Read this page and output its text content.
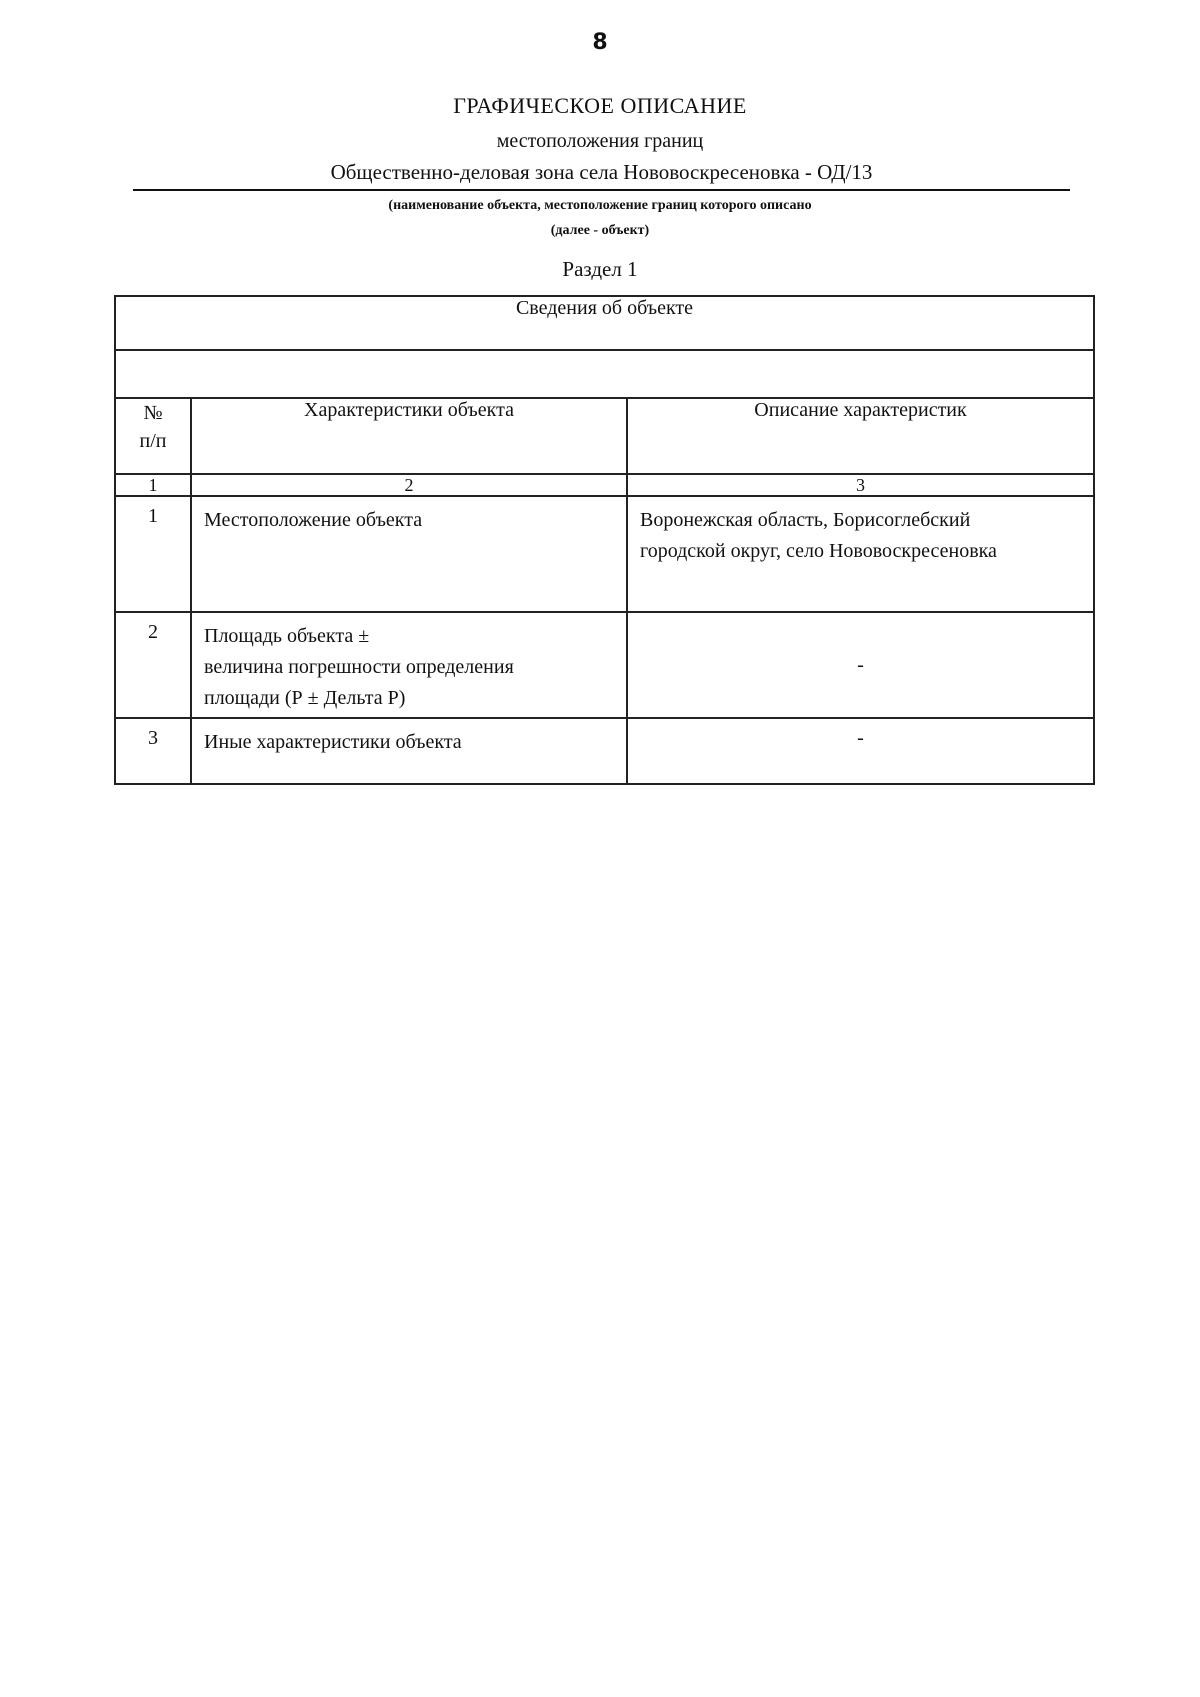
8
ГРАФИЧЕСКОЕ ОПИСАНИЕ
местоположения границ
Общественно-деловая зона села Нововоскресеновка - ОД/13
(наименование объекта, местоположение границ которого описано
(далее - объект)
Раздел 1
Сведения об объекте		

№
п/п	Характеристики объекта	Описание характеристик
1	2	3
1	Местоположение объекта	Воронежская область, Борисоглебский
городской округ, село Нововоскресеновка

2	Площадь объекта ±
величина погрешности определения
площади (Р ± Дельта Р)	-
3	Иные характеристики объекта	-
